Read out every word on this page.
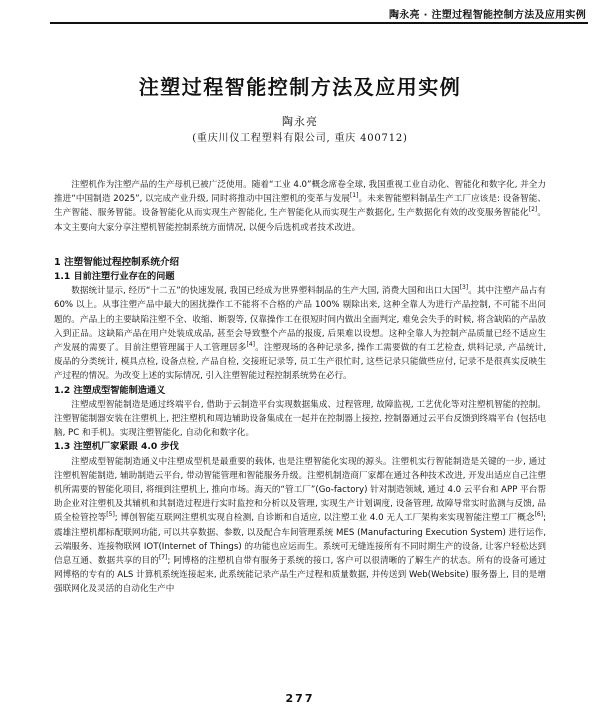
陶永亮 · 注塑过程智能控制方法及应用实例
注塑过程智能控制方法及应用实例
陶永亮
(重庆川仪工程塑料有限公司, 重庆 400712)

注塑机作为注塑产品的生产母机已被广泛使用。随着“工业 4.0”概念席卷全球, 我国重视工业自动化、智能化和数字化, 并全力推进“中国制造 2025”, 以完成产业升级, 同时将推动中国注塑机的变革与发展[1]。未来智能塑料制品生产工厂应该是: 设备智能、生产智能、服务智能。设备智能化从而实现生产智能化, 生产智能化从而实现生产数据化, 生产数据化有效的改变服务智能化[2]。本文主要向大家分享注塑机智能控制系统方面情况, 以便今后选机或者技术改进。

1 注塑智能过程控制系统介绍
1.1 目前注塑行业存在的问题

数据统计显示, 经历“十二五”的快速发展, 我国已经成为世界塑料制品的生产大国, 消费大国和出口大国[3]。其中注塑产品占有 60% 以上。从事注塑产品中最大的困扰操作工不能将不合格的产品 100% 剔除出来, 这种全靠人为进行产品控制, 不可能不出问题的。产品上的主要缺陷注塑不全、收缩、断裂等, 仅靠操作工在很短时间内做出全面判定, 难免会失手的时候, 将含缺陷的产品放入到正品。这缺陷产品在用户处装成成品, 甚至会导致整个产品的报废, 后果难以设想。这种全靠人为控制产品质量已经不适应生产发展的需要了。目前注塑管理属于人工管理居多[4]。注塑现场的各种记录多, 操作工需要做的有工艺检查, 烘料记录, 产品统计, 废品的分类统计, 模具点检, 设备点检, 产品自检, 交接班记录等, 员工生产很忙时, 这些记录只能做些应付, 记录不是很真实反映生产过程的情况。为改变上述的实际情况, 引入注塑智能过程控制系统势在必行。

1.2 注塑成型智能制造通义

注塑成型智能制造是通过终端平台, 借助于云制造平台实现数据集成、过程管理, 故障监视, 工艺优化等对注塑机智能的控制。注塑智能制器安装在注塑机上, 把注塑机和周边辅助设备集成在一起并在控制器上接控, 控制器通过云平台反馈到终端平台 (包括电脑, PC 和手机)。实现注塑智能化, 自动化和数字化。

1.3 注塑机厂家紧跟 4.0 步伐

注塑成型智能制造通义中注塑成型机是最重要的载体, 也是注塑智能化实现的源头。注塑机实行智能制造是关键的一步, 通过注塑机智能制造, 辅助制造云平台, 带动智能管理和智能服务升级。注塑机制造商厂家都在通过各种技术改进, 开发出适应自己注塑机所需要的智能化项目, 将细到注塑机上, 推向市场。海天的“管工厂”(Go-factory) 针对制造领域, 通过 4.0 云平台和 APP 平台帮助企业对注塑机及其辅机和其制造过程进行实时监控和分析以及管理, 实现生产计划调度, 设备管理, 故障导常实时监测与反馈, 品质全检管控等[5]; 博创智能互联网注塑机实现自检测, 自诊断和自适应, 以注塑工业 4.0 无人工厂架构来实现智能注塑工厂概念[6]; 震雄注塑机都标配联网功能, 可以共享数据、参数, 以及配合车间管理系统 MES (Manufacturing Execution System) 进行运作, 云端服务、连接物联网 IOT(Internet of Things) 的功能也应运而生。系统可无缝连接所有不同时期生产的设备, 让客户轻松达到信息互通、数据共享的目的[7]; 阿博格的注塑机自带有服务于系统的接口, 客户可以很清晰的了解生产的状态。所有的设备可通过网博格的专有的 ALS 计算机系统连接起来, 此系统能记录产品生产过程和质量数据, 并传送到 Web(Website) 服务器上, 目的是增强联网化及灵活的自动化生产中

277
